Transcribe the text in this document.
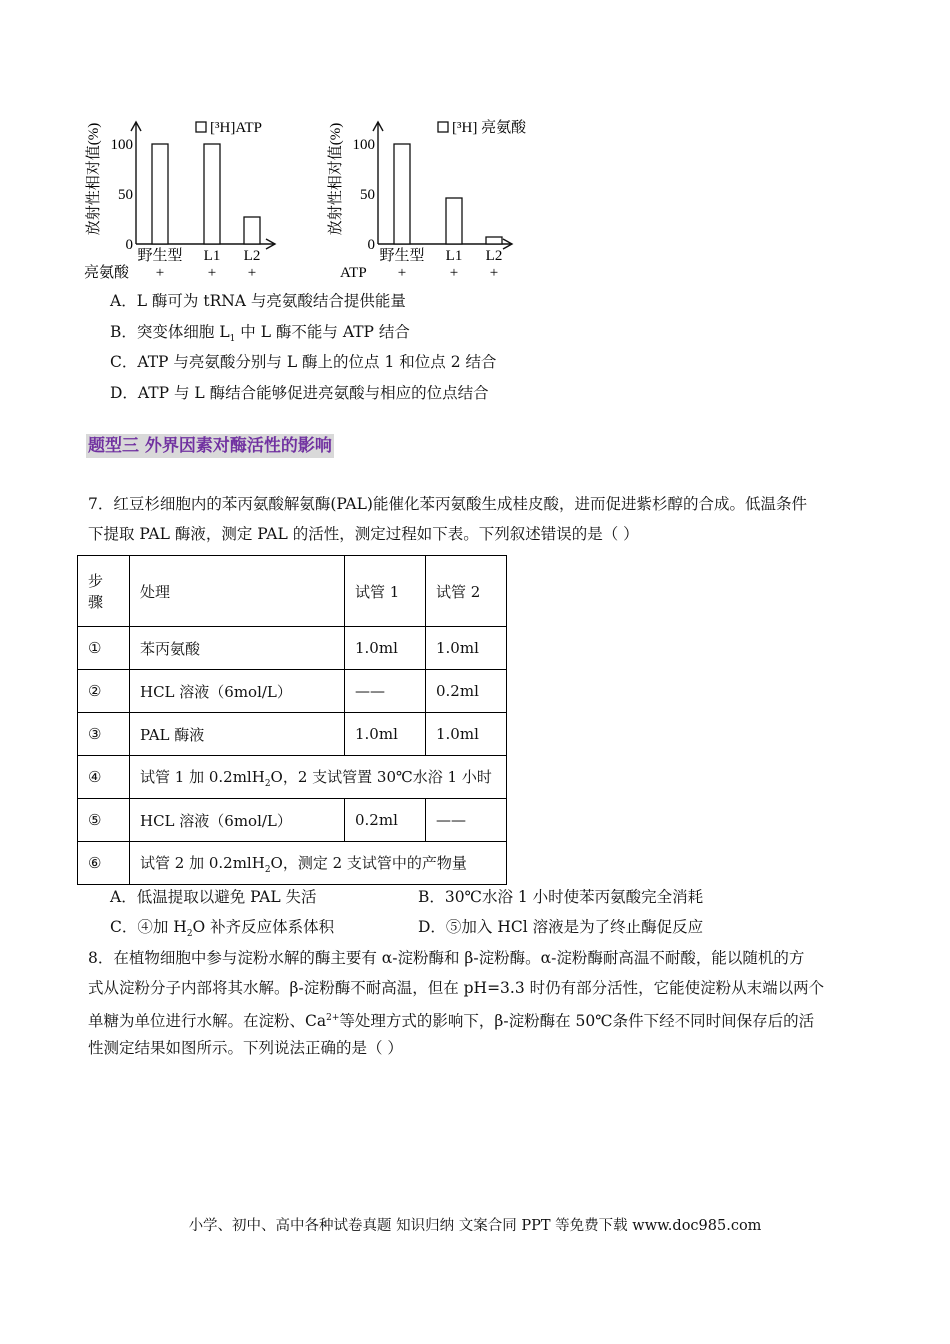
100
50
0
放射性相对值(%)	[³H]ATP
野生型
+
L1
+
L2
+
亮氨酸
100
50
0
放射性相对值(%)	[³H] 亮氨酸
野生型
+
L1
+
L2
+
ATP
A．L 酶可为 tRNA 与亮氨酸结合提供能量
B．突变体细胞 $L_1$ 中 L 酶不能与 ATP 结合
C．ATP 与亮氨酸分别与 L 酶上的位点 1 和位点 2 结合
D．ATP 与 L 酶结合能够促进亮氨酸与相应的位点结合
题型三 外界因素对酶活性的影响
7．红豆杉细胞内的苯丙氨酸解氨酶(PAL)能催化苯丙氨酸生成桂皮酸，进而促进紫杉醇的合成。低温条件
下提取 PAL 酶液，测定 PAL 的活性，测定过程如下表。下列叙述错误的是（ ）
步
骤	处理	试管 1	试管 2
①	苯丙氨酸	1.0ml	1.0ml
②	HCL 溶液（6mol/L）	——	0.2ml
③	PAL 酶液	1.0ml	1.0ml
④	试管 1 加 0.2mlH$_2$O，2 支试管置 30℃水浴 1 小时		
⑤	HCL 溶液（6mol/L）	0.2ml	——
⑥	试管 2 加 0.2mlH$_2$O，测定 2 支试管中的产物量		
A．低温提取以避免 PAL 失活	B．30℃水浴 1 小时使苯丙氨酸完全消耗
C．④加 $H_2O$ 补齐反应体系体积	D．⑤加入 HCl 溶液是为了终止酶促反应
8．在植物细胞中参与淀粉水解的酶主要有 α-淀粉酶和 β-淀粉酶。α-淀粉酶耐高温不耐酸，能以随机的方
式从淀粉分子内部将其水解。β-淀粉酶不耐高温，但在 pH=3.3 时仍有部分活性，它能使淀粉从末端以两个
单糖为单位进行水解。在淀粉、$Ca^{2+}$等处理方式的影响下，β-淀粉酶在 50℃条件下经不同时间保存后的活
性测定结果如图所示。下列说法正确的是（ ）
小学、初中、高中各种试卷真题 知识归纳 文案合同 PPT 等免费下载 www.doc985.com
